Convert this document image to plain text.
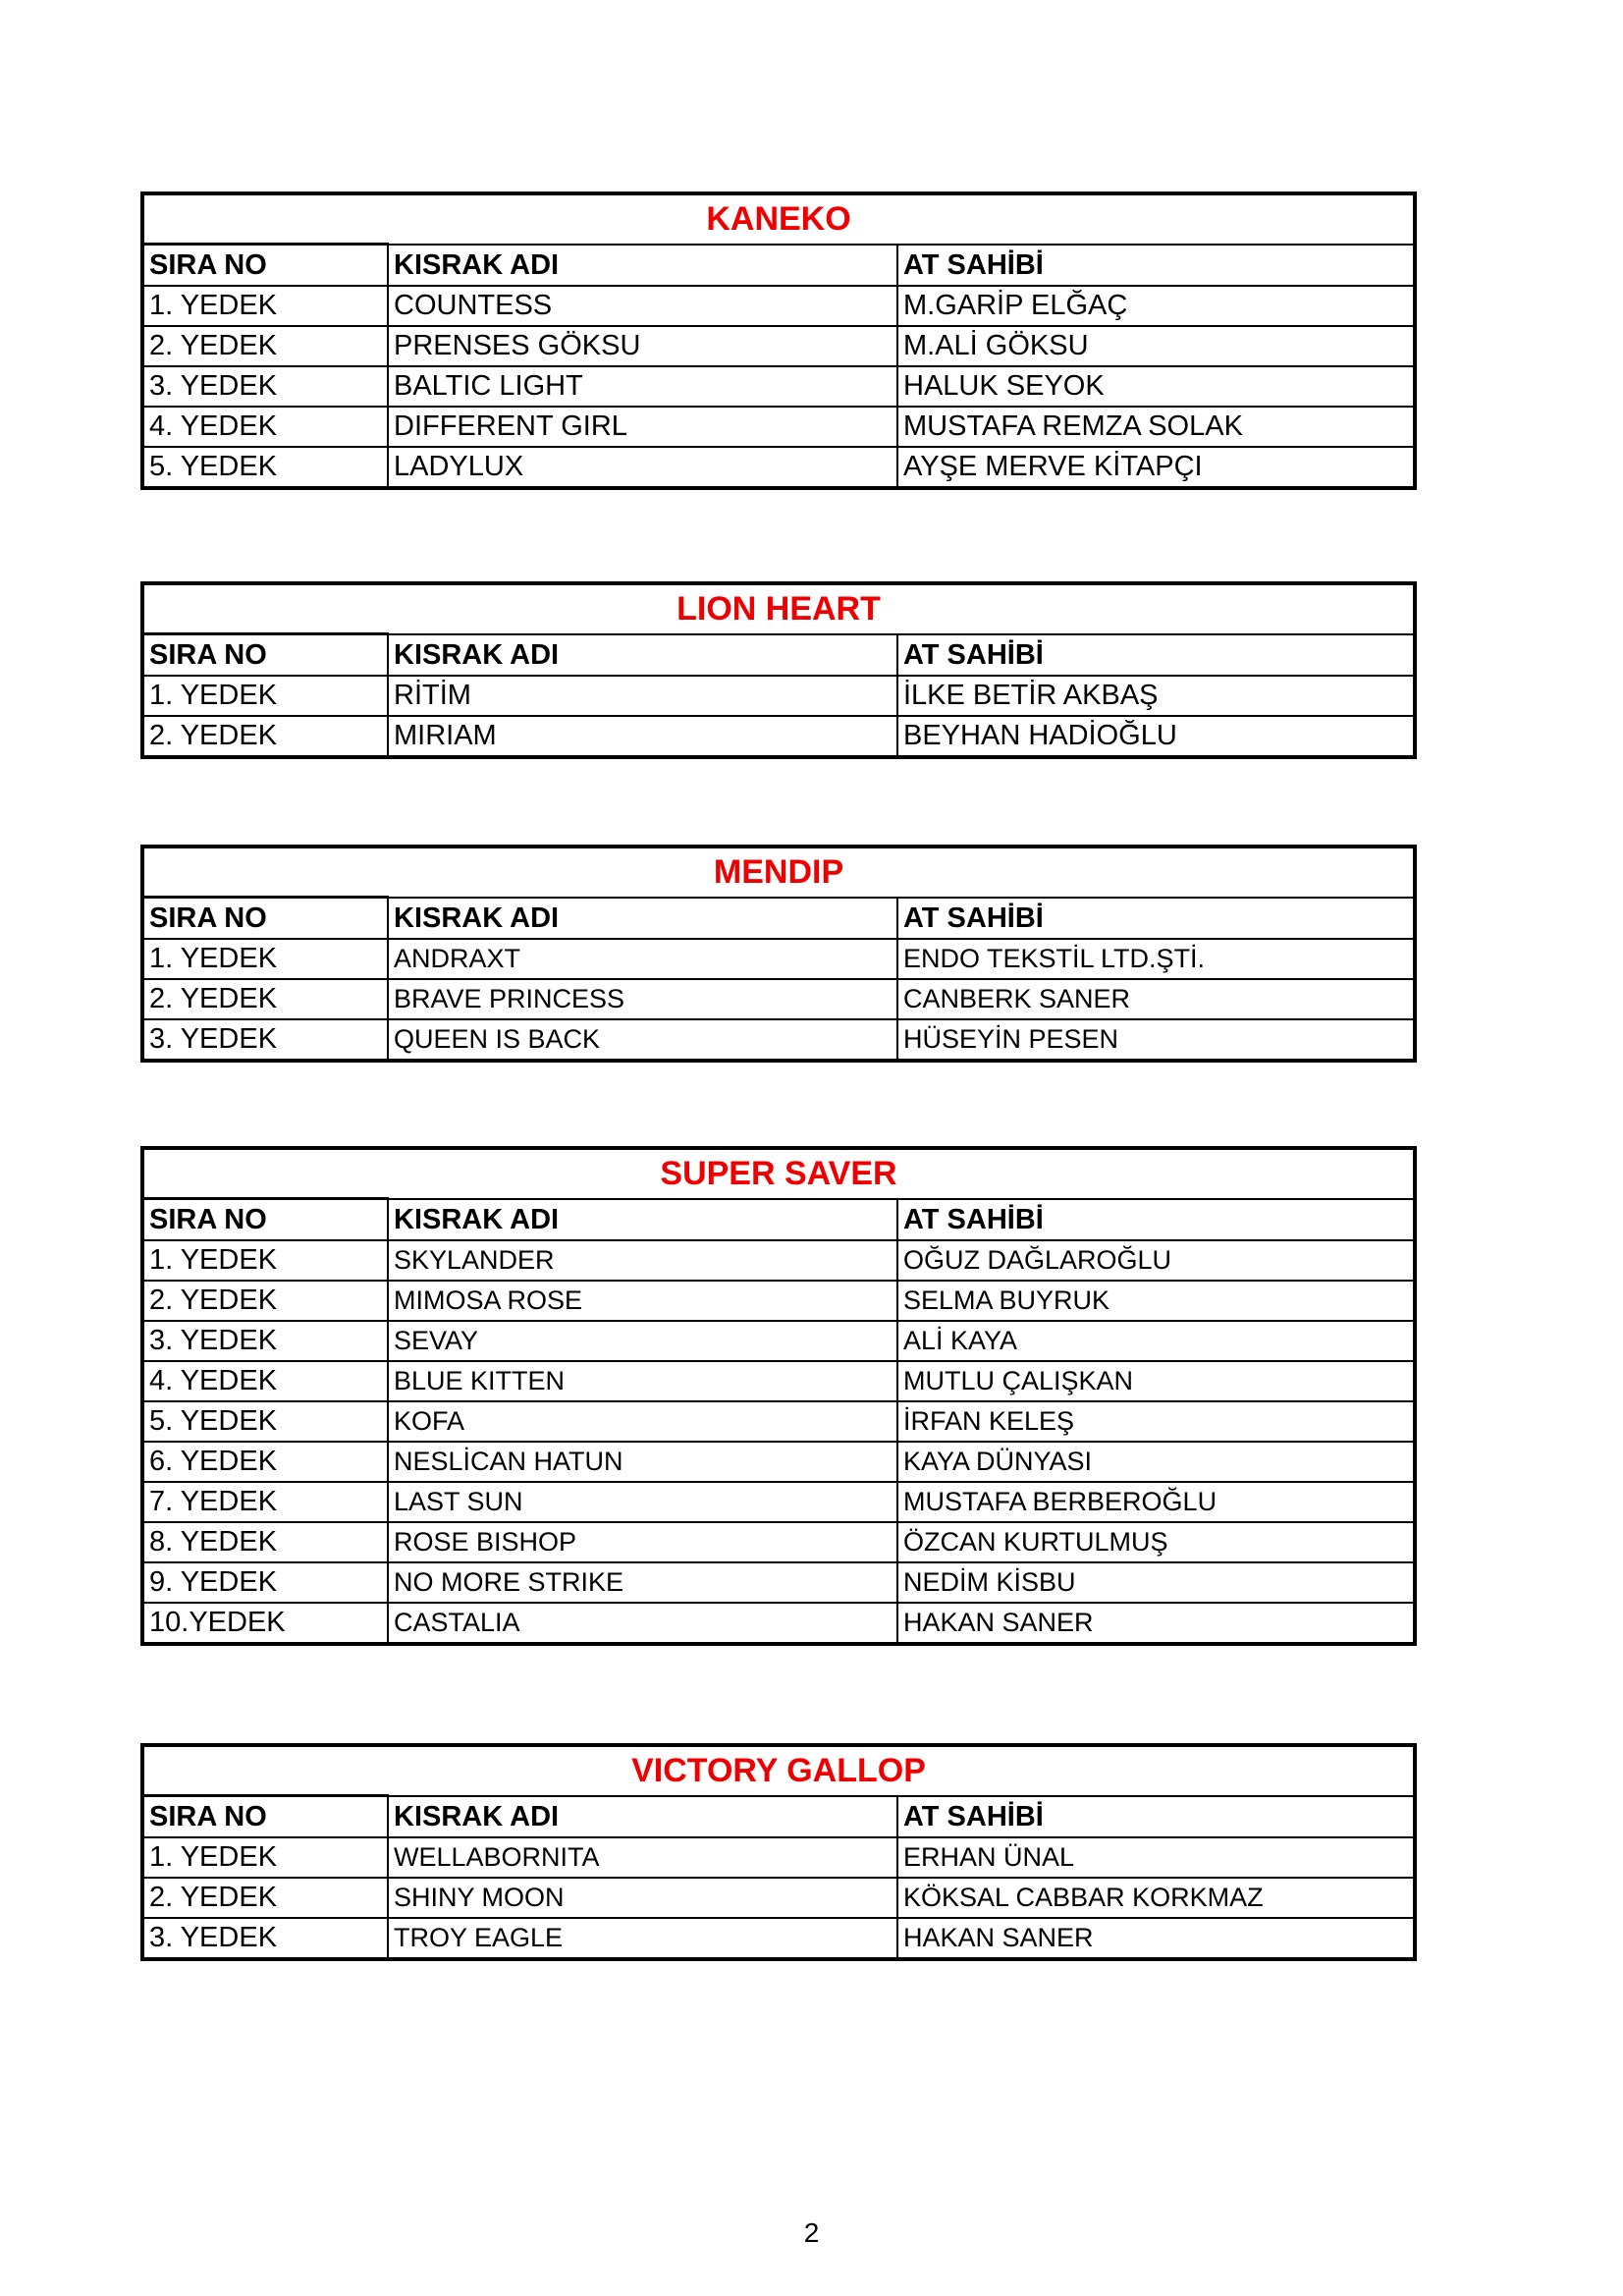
KANEKO		
SIRA NO	KISRAK ADI	AT SAHİBİ
1. YEDEK	COUNTESS	M.GARİP ELĞAÇ
2. YEDEK	PRENSES GÖKSU	M.ALİ GÖKSU
3. YEDEK	BALTIC LIGHT	HALUK SEYOK
4. YEDEK	DIFFERENT GIRL	MUSTAFA REMZA SOLAK
5. YEDEK	LADYLUX	AYŞE MERVE KİTAPÇI
LION HEART		
SIRA NO	KISRAK ADI	AT SAHİBİ
1. YEDEK	RİTİM	İLKE BETİR AKBAŞ
2. YEDEK	MIRIAM	BEYHAN HADİOĞLU
MENDIP		
SIRA NO	KISRAK ADI	AT SAHİBİ
1. YEDEK	ANDRAXT	ENDO TEKSTİL LTD.ŞTİ.
2. YEDEK	BRAVE PRINCESS	CANBERK SANER
3. YEDEK	QUEEN IS BACK	HÜSEYİN PESEN
SUPER SAVER		
SIRA NO	KISRAK ADI	AT SAHİBİ
1. YEDEK	SKYLANDER	OĞUZ DAĞLAROĞLU
2. YEDEK	MIMOSA ROSE	SELMA BUYRUK
3. YEDEK	SEVAY	ALİ KAYA
4. YEDEK	BLUE KITTEN	MUTLU ÇALIŞKAN
5. YEDEK	KOFA	İRFAN KELEŞ
6. YEDEK	NESLİCAN HATUN	KAYA DÜNYASI
7. YEDEK	LAST SUN	MUSTAFA BERBEROĞLU
8. YEDEK	ROSE BISHOP	ÖZCAN KURTULMUŞ
9. YEDEK	NO MORE STRIKE	NEDİM KİSBU
10.YEDEK	CASTALIA	HAKAN SANER
VICTORY GALLOP		
SIRA NO	KISRAK ADI	AT SAHİBİ
1. YEDEK	WELLABORNITA	ERHAN ÜNAL
2. YEDEK	SHINY MOON	KÖKSAL CABBAR KORKMAZ
3. YEDEK	TROY EAGLE	HAKAN SANER
2
